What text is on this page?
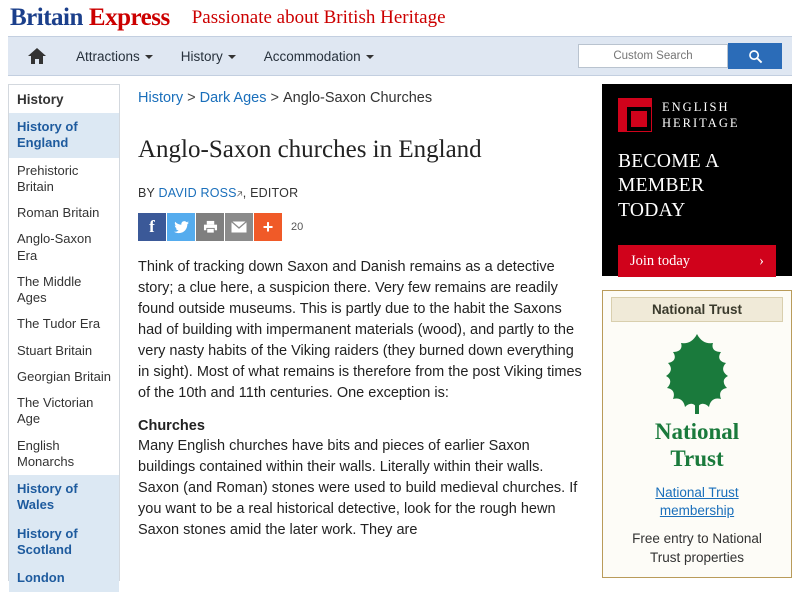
Britain Express Passionate about British Heritage
Attractions	History	Accommodation
Custom Search
History
History of England
Prehistoric Britain
Roman Britain
Anglo-Saxon Era
The Middle Ages
The Tudor Era
Stuart Britain
Georgian Britain
The Victorian Age
English Monarchs
History of Wales
History of Scotland
London
History > Dark Ages > Anglo-Saxon Churches
Anglo-Saxon churches in England
BY DAVID ROSS🡥, EDITOR
f	+	20

Think of tracking down Saxon and Danish remains as a detective story; a clue here, a suspicion there. Very few remains are readily found outside museums. This is partly due to the habit the Saxons had of building with impermanent materials (wood), and partly to the very nasty habits of the Viking raiders (they burned down everything in sight). Most of what remains is therefore from the post Viking times of the 10th and 11th centuries. One exception is:

Churches

Many English churches have bits and pieces of earlier Saxon buildings contained within their walls. Literally within their walls. Saxon (and Roman) stones were used to build medieval churches. If you want to be a real historical detective, look for the rough hewn Saxon stones amid the later work. They are

ENGLISH
HERITAGE
BECOME A
MEMBER TODAY
Join today	›
National Trust
National
Trust
National Trust
membership
Free entry to National
Trust properties
